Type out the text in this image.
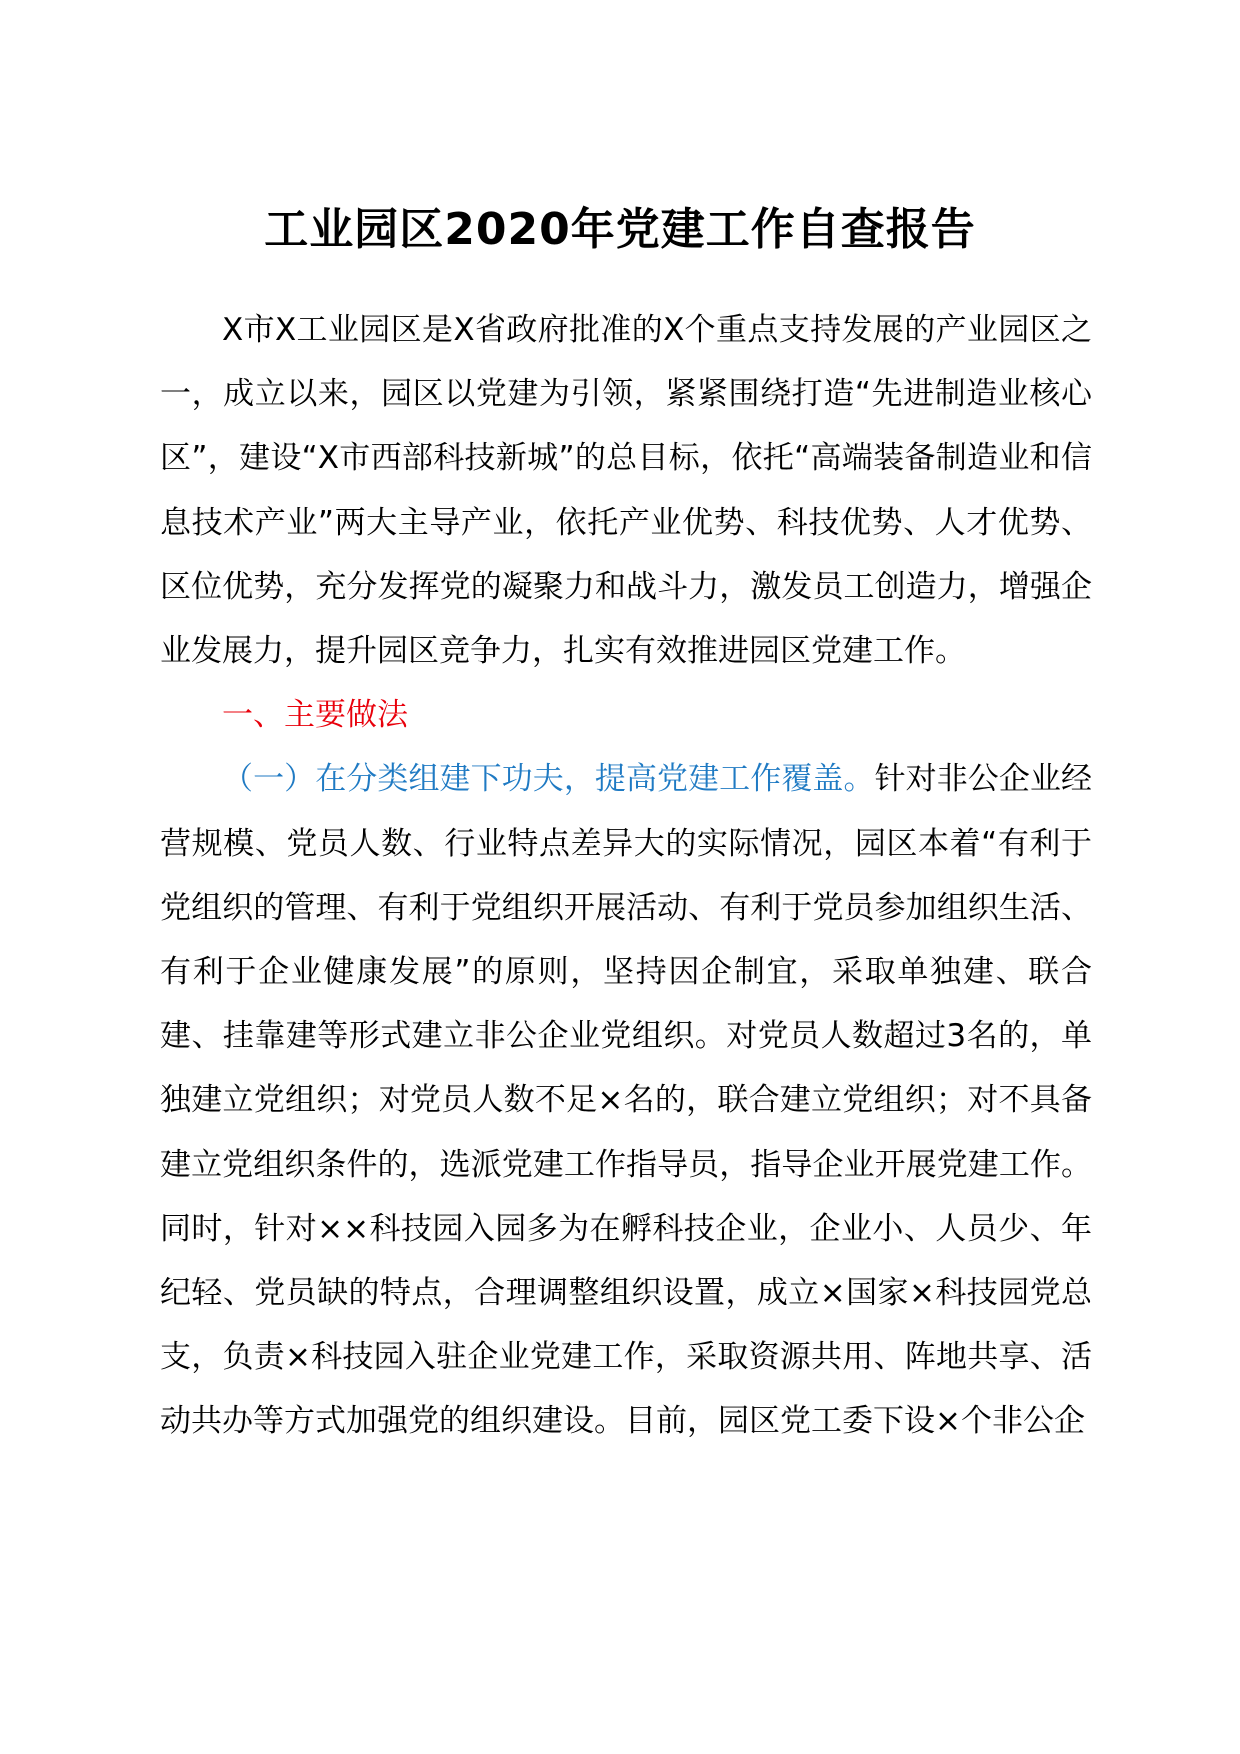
工业园区2020年党建工作自查报告

X市X工业园区是X省政府批准的X个重点支持发展的产业园区之一，成立以来，园区以党建为引领，紧紧围绕打造“先进制造业核心区”，建设“X市西部科技新城”的总目标，依托“高端装备制造业和信息技术产业”两大主导产业，依托产业优势、科技优势、人才优势、区位优势，充分发挥党的凝聚力和战斗力，激发员工创造力，增强企业发展力，提升园区竞争力，扎实有效推进园区党建工作。

一、主要做法

（一）在分类组建下功夫，提高党建工作覆盖。针对非公企业经营规模、党员人数、行业特点差异大的实际情况，园区本着“有利于党组织的管理、有利于党组织开展活动、有利于党员参加组织生活、有利于企业健康发展”的原则，坚持因企制宜，采取单独建、联合建、挂靠建等形式建立非公企业党组织。对党员人数超过3名的，单独建立党组织；对党员人数不足×名的，联合建立党组织；对不具备建立党组织条件的，选派党建工作指导员，指导企业开展党建工作。同时，针对××科技园入园多为在孵科技企业，企业小、人员少、年纪轻、党员缺的特点，合理调整组织设置，成立×国家×科技园党总支，负责×科技园入驻企业党建工作，采取资源共用、阵地共享、活动共办等方式加强党的组织建设。目前，园区党工委下设×个非公企
